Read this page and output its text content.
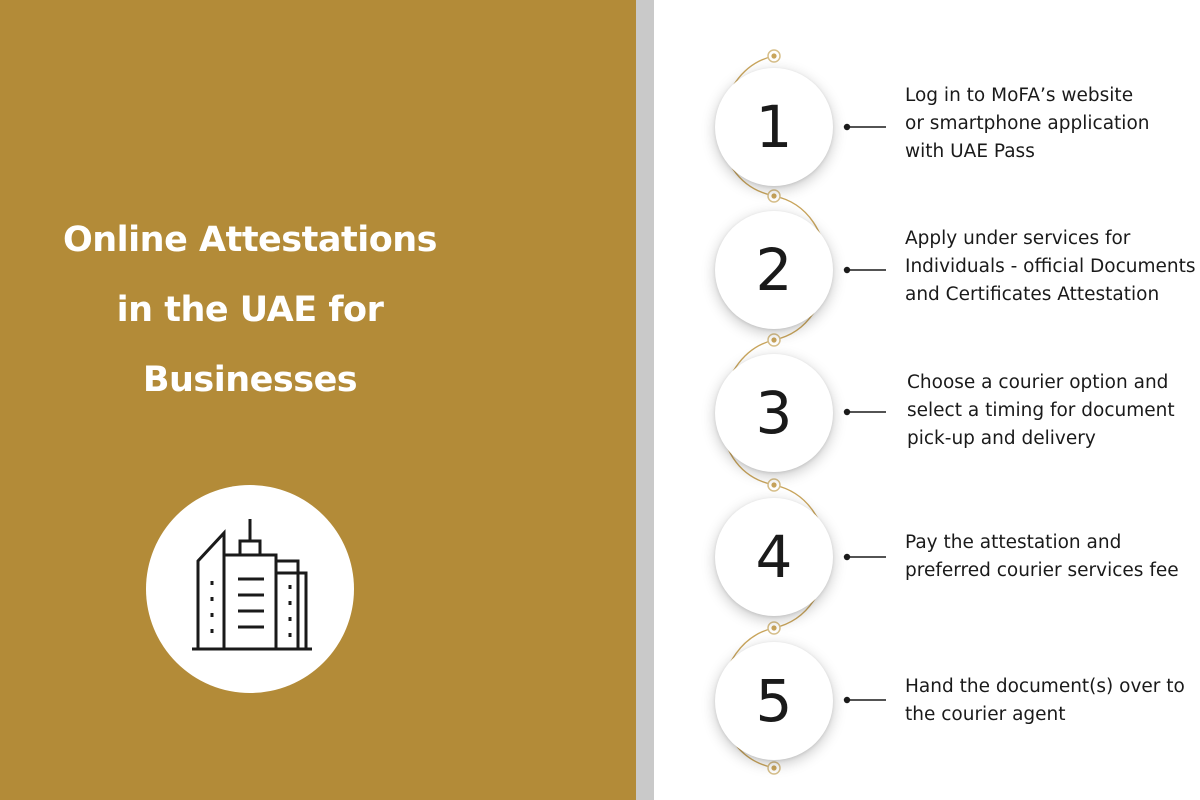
Online Attestations
in the UAE for
Businesses
1
2
3
4
5
Log in to MoFA’s website
or smartphone application
with UAE Pass
Apply under services for
Individuals - official Documents
and Certificates Attestation
Choose a courier option and
select a timing for document
pick-up and delivery
Pay the attestation and
preferred courier services fee
Hand the document(s) over to
the courier agent
